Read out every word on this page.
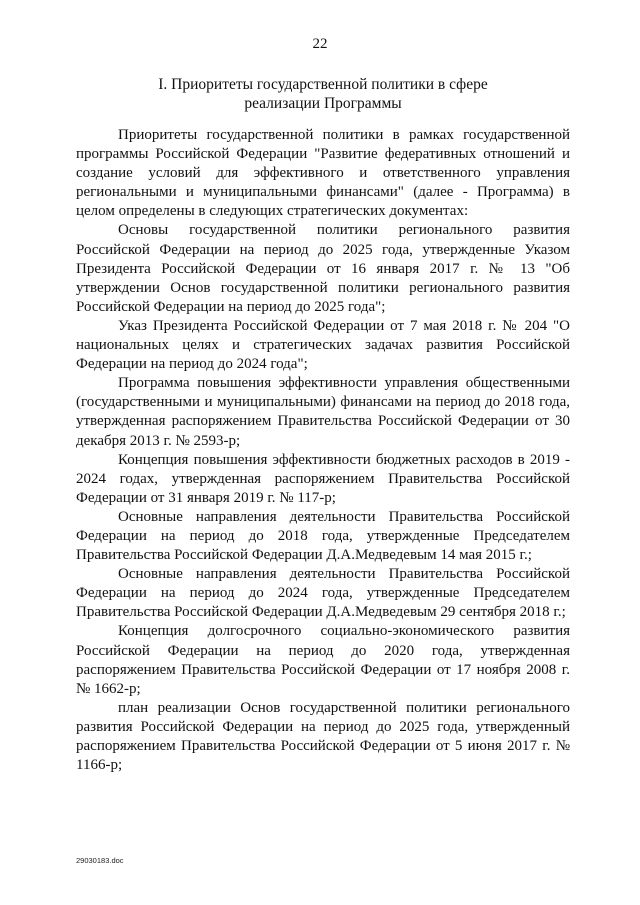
22
I. Приоритеты государственной политики в сфере
реализации Программы

Приоритеты государственной политики в рамках государственной программы Российской Федерации "Развитие федеративных отношений и создание условий для эффективного и ответственного управления региональными и муниципальными финансами" (далее - Программа) в целом определены в следующих стратегических документах:

Основы государственной политики регионального развития Российской Федерации на период до 2025 года, утвержденные Указом Президента Российской Федерации от 16 января 2017 г. № 13 "Об утверждении Основ государственной политики регионального развития Российской Федерации на период до 2025 года";

Указ Президента Российской Федерации от 7 мая 2018 г. № 204 "О национальных целях и стратегических задачах развития Российской Федерации на период до 2024 года";

Программа повышения эффективности управления общественными (государственными и муниципальными) финансами на период до 2018 года, утвержденная распоряжением Правительства Российской Федерации от 30 декабря 2013 г. № 2593-р;

Концепция повышения эффективности бюджетных расходов в 2019 - 2024 годах, утвержденная распоряжением Правительства Российской Федерации от 31 января 2019 г. № 117-р;

Основные направления деятельности Правительства Российской Федерации на период до 2018 года, утвержденные Председателем Правительства Российской Федерации Д.А.Медведевым 14 мая 2015 г.;

Основные направления деятельности Правительства Российской Федерации на период до 2024 года, утвержденные Председателем Правительства Российской Федерации Д.А.Медведевым 29 сентября 2018 г.;

Концепция долгосрочного социально-экономического развития Российской Федерации на период до 2020 года, утвержденная распоряжением Правительства Российской Федерации от 17 ноября 2008 г. № 1662-р;

план реализации Основ государственной политики регионального развития Российской Федерации на период до 2025 года, утвержденный распоряжением Правительства Российской Федерации от 5 июня 2017 г. № 1166-р;

29030183.doc
